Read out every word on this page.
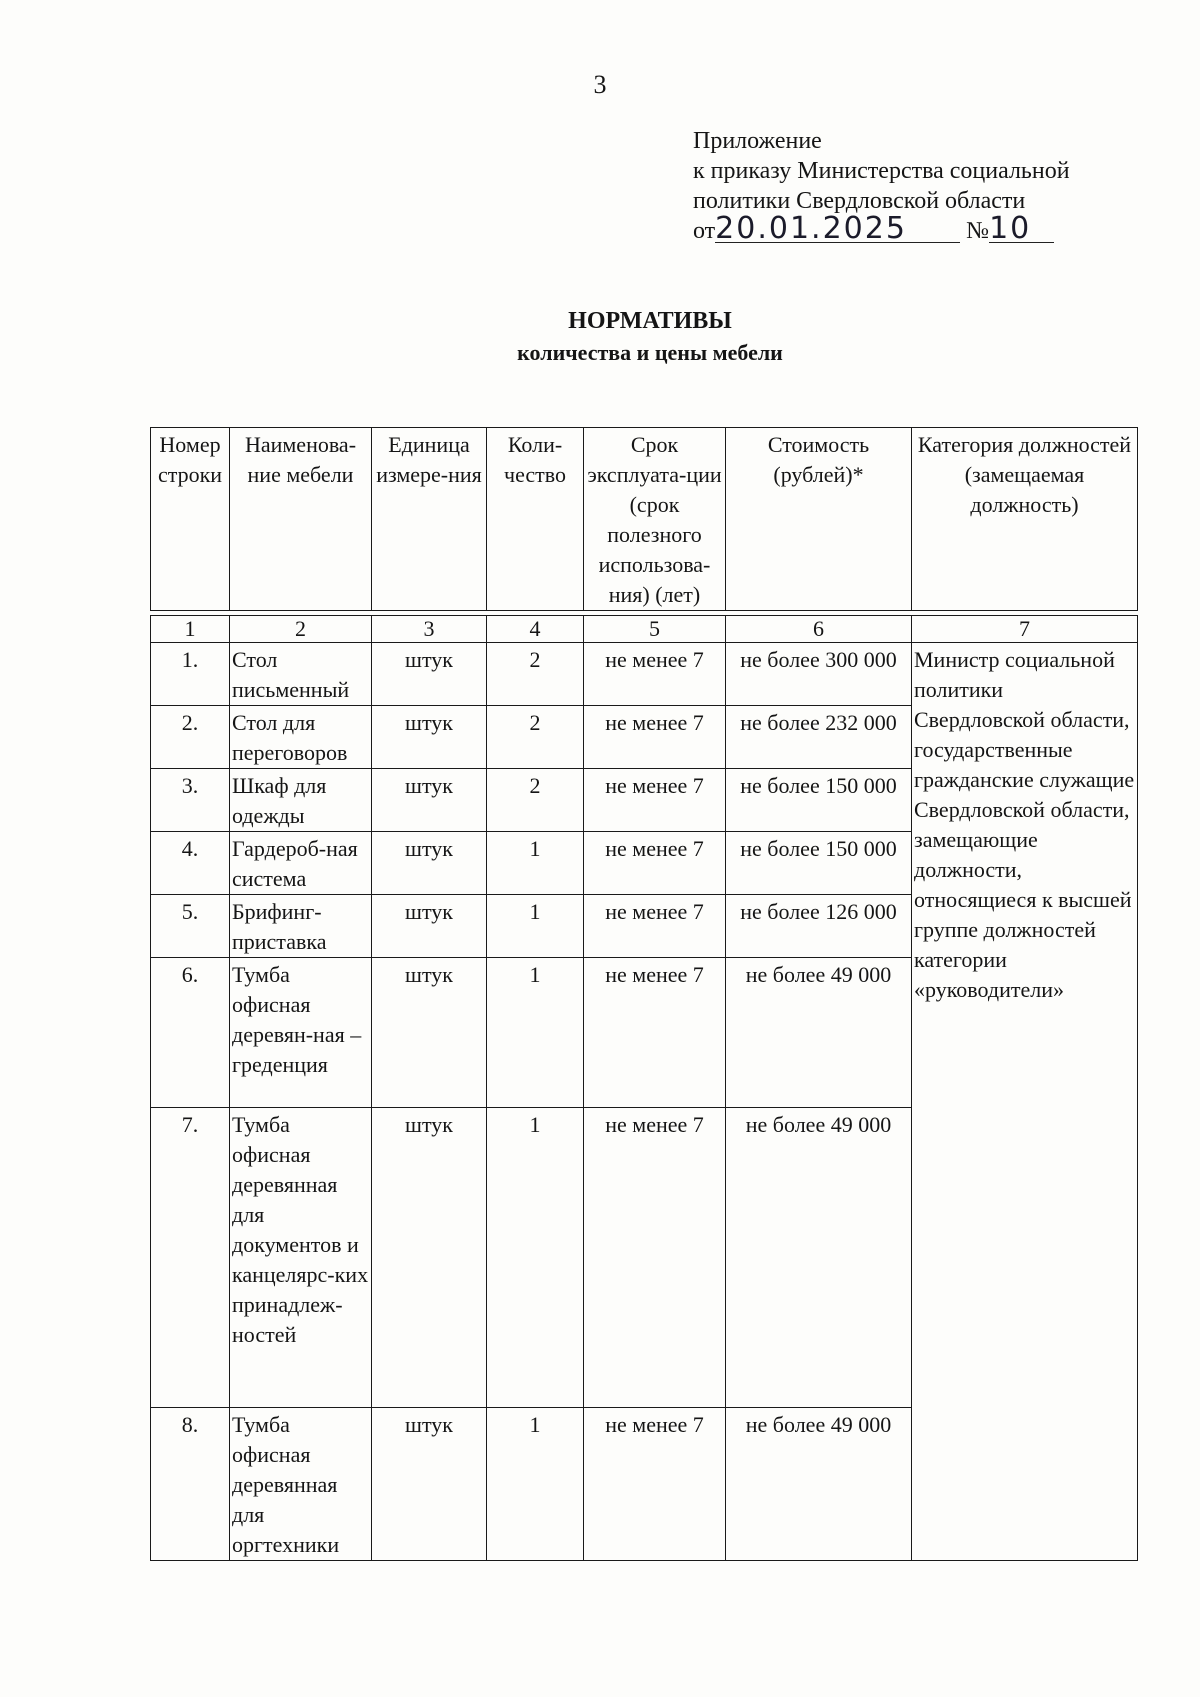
3
Приложение
к приказу Министерства социальной
политики Свердловской области
от20.01.2025 №10
НОРМАТИВЫ
количества и цены мебели
Номер строки	Наименова-ние мебели	Единица измере-ния	Коли-чество	Срок эксплуата-ции (срок полезного использова-ния) (лет)	Стоимость (рублей)*	Категория должностей (замещаемая должность)

1	2	3	4	5	6	7
1.	Стол письменный	штук	2	не менее 7	не более 300 000	Министр социальной политики Свердловской области, государственные гражданские служащие Свердловской области, замещающие должности, относящиеся к высшей группе должностей категории «руководители»
2.	Стол для переговоров	штук	2	не менее 7	не более 232 000	
3.	Шкаф для одежды	штук	2	не менее 7	не более 150 000	
4.	Гардероб-ная система	штук	1	не менее 7	не более 150 000	
5.	Брифинг-приставка	штук	1	не менее 7	не более 126 000	
6.	Тумба офисная деревян-ная – греденция	штук	1	не менее 7	не более 49 000	
7.	Тумба офисная деревянная для документов и канцелярс-ких принадлеж-ностей	штук	1	не менее 7	не более 49 000	
8.	Тумба офисная деревянная для оргтехники	штук	1	не менее 7	не более 49 000	
